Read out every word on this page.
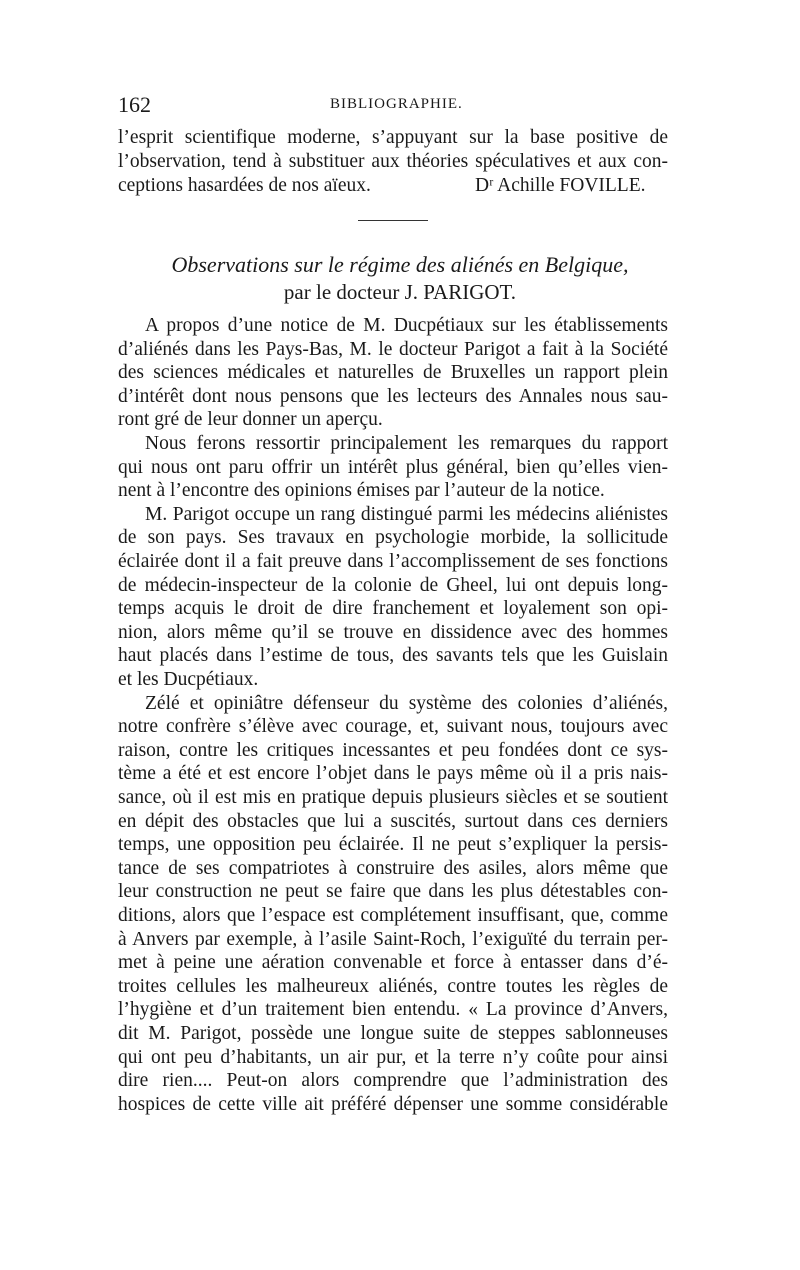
162	BIBLIOGRAPHIE.
l’esprit scientifique moderne, s’appuyant sur la base positive de
l’observation, tend à substituer aux théories spéculatives et aux con-
ceptions hasardées de nos aïeux.	Dʳ Achille FOVILLE.
Observations sur le régime des aliénés en Belgique,
par le docteur J. PARIGOT.
A propos d’une notice de M. Ducpétiaux sur les établissements
d’aliénés dans les Pays-Bas, M. le docteur Parigot a fait à la Société
des sciences médicales et naturelles de Bruxelles un rapport plein
d’intérêt dont nous pensons que les lecteurs des Annales nous sau-
ront gré de leur donner un aperçu.
Nous ferons ressortir principalement les remarques du rapport
qui nous ont paru offrir un intérêt plus général, bien qu’elles vien-
nent à l’encontre des opinions émises par l’auteur de la notice.
M. Parigot occupe un rang distingué parmi les médecins aliénistes
de son pays. Ses travaux en psychologie morbide, la sollicitude
éclairée dont il a fait preuve dans l’accomplissement de ses fonctions
de médecin-inspecteur de la colonie de Gheel, lui ont depuis long-
temps acquis le droit de dire franchement et loyalement son opi-
nion, alors même qu’il se trouve en dissidence avec des hommes
haut placés dans l’estime de tous, des savants tels que les Guislain
et les Ducpétiaux.
Zélé et opiniâtre défenseur du système des colonies d’aliénés,
notre confrère s’élève avec courage, et, suivant nous, toujours avec
raison, contre les critiques incessantes et peu fondées dont ce sys-
tème a été et est encore l’objet dans le pays même où il a pris nais-
sance, où il est mis en pratique depuis plusieurs siècles et se soutient
en dépit des obstacles que lui a suscités, surtout dans ces derniers
temps, une opposition peu éclairée. Il ne peut s’expliquer la persis-
tance de ses compatriotes à construire des asiles, alors même que
leur construction ne peut se faire que dans les plus détestables con-
ditions, alors que l’espace est complétement insuffisant, que, comme
à Anvers par exemple, à l’asile Saint-Roch, l’exiguïté du terrain per-
met à peine une aération convenable et force à entasser dans d’é-
troites cellules les malheureux aliénés, contre toutes les règles de
l’hygiène et d’un traitement bien entendu. « La province d’Anvers,
dit M. Parigot, possède une longue suite de steppes sablonneuses
qui ont peu d’habitants, un air pur, et la terre n’y coûte pour ainsi
dire rien.... Peut-on alors comprendre que l’administration des
hospices de cette ville ait préféré dépenser une somme considérable
